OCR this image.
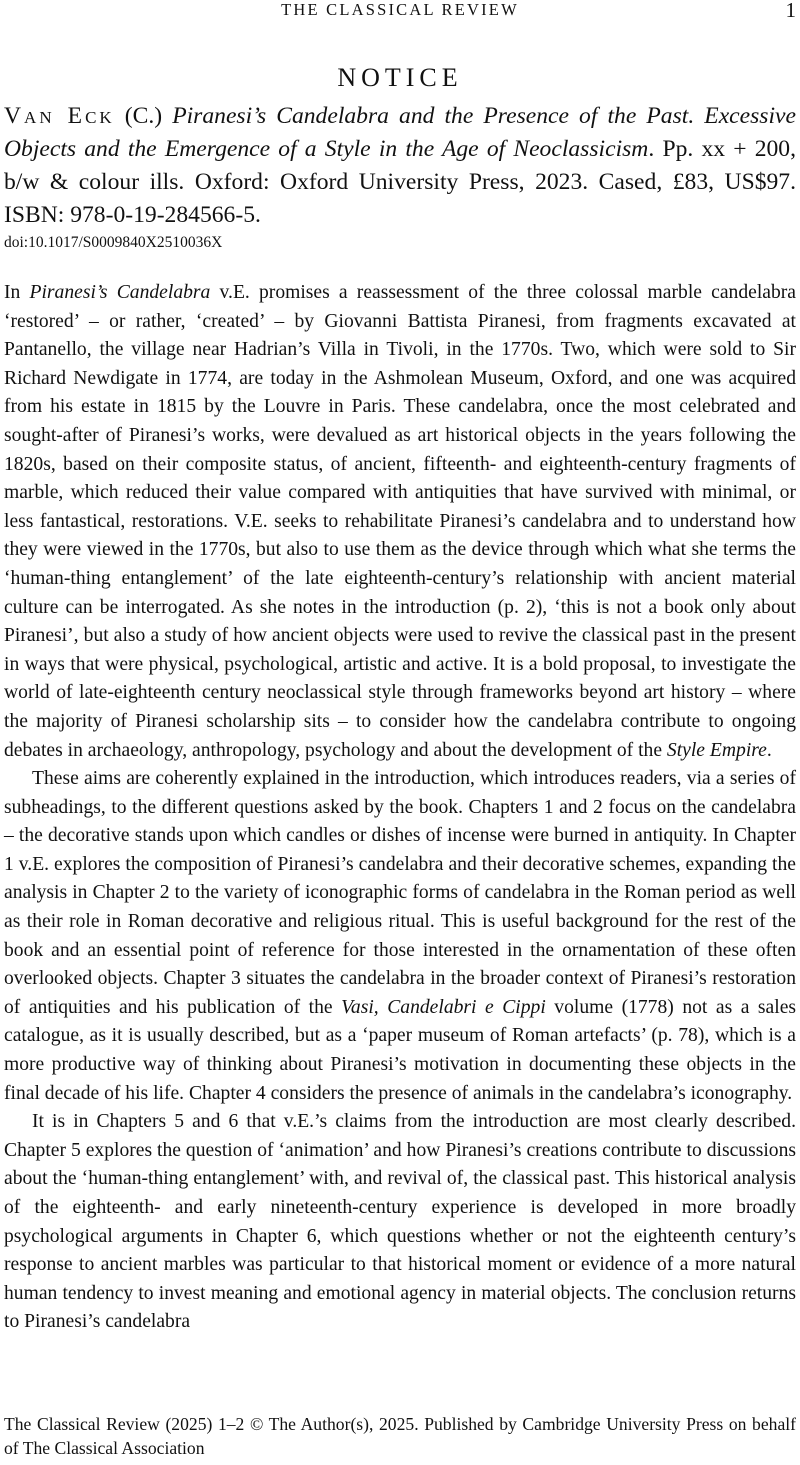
THE CLASSICAL REVIEW	1
NOTICE

Van Eck (C.) Piranesi’s Candelabra and the Presence of the Past. Excessive Objects and the Emergence of a Style in the Age of Neoclassicism. Pp. xx + 200, b/w & colour ills. Oxford: Oxford University Press, 2023. Cased, £83, US$97. ISBN: 978-0-19-284566-5.

doi:10.1017/S0009840X2510036X

In Piranesi’s Candelabra v.E. promises a reassessment of the three colossal marble candelabra ‘restored’ – or rather, ‘created’ – by Giovanni Battista Piranesi, from fragments excavated at Pantanello, the village near Hadrian’s Villa in Tivoli, in the 1770s. Two, which were sold to Sir Richard Newdigate in 1774, are today in the Ashmolean Museum, Oxford, and one was acquired from his estate in 1815 by the Louvre in Paris. These candelabra, once the most celebrated and sought-after of Piranesi’s works, were devalued as art historical objects in the years following the 1820s, based on their composite status, of ancient, fifteenth- and eighteenth-century fragments of marble, which reduced their value compared with antiquities that have survived with minimal, or less fantastical, restorations. V.E. seeks to rehabilitate Piranesi’s candelabra and to understand how they were viewed in the 1770s, but also to use them as the device through which what she terms the ‘human-thing entanglement’ of the late eighteenth-century’s relationship with ancient material culture can be interrogated. As she notes in the introduction (p. 2), ‘this is not a book only about Piranesi’, but also a study of how ancient objects were used to revive the classical past in the present in ways that were physical, psychological, artistic and active. It is a bold proposal, to investigate the world of late-eighteenth century neoclassical style through frameworks beyond art history – where the majority of Piranesi scholarship sits – to consider how the candelabra contribute to ongoing debates in archaeology, anthropology, psychology and about the development of the Style Empire.

These aims are coherently explained in the introduction, which introduces readers, via a series of subheadings, to the different questions asked by the book. Chapters 1 and 2 focus on the candelabra – the decorative stands upon which candles or dishes of incense were burned in antiquity. In Chapter 1 v.E. explores the composition of Piranesi’s candelabra and their decorative schemes, expanding the analysis in Chapter 2 to the variety of iconographic forms of candelabra in the Roman period as well as their role in Roman decorative and religious ritual. This is useful background for the rest of the book and an essential point of reference for those interested in the ornamentation of these often overlooked objects. Chapter 3 situates the candelabra in the broader context of Piranesi’s restoration of antiquities and his publication of the Vasi, Candelabri e Cippi volume (1778) not as a sales catalogue, as it is usually described, but as a ‘paper museum of Roman artefacts’ (p. 78), which is a more productive way of thinking about Piranesi’s motivation in documenting these objects in the final decade of his life. Chapter 4 considers the presence of animals in the candelabra’s iconography.

It is in Chapters 5 and 6 that v.E.’s claims from the introduction are most clearly described. Chapter 5 explores the question of ‘animation’ and how Piranesi’s creations contribute to discussions about the ‘human-thing entanglement’ with, and revival of, the classical past. This historical analysis of the eighteenth- and early nineteenth-century experience is developed in more broadly psychological arguments in Chapter 6, which questions whether or not the eighteenth century’s response to ancient marbles was particular to that historical moment or evidence of a more natural human tendency to invest meaning and emotional agency in material objects. The conclusion returns to Piranesi’s candelabra

The Classical Review (2025) 1–2 © The Author(s), 2025. Published by Cambridge University Press on behalf of The Classical Association
